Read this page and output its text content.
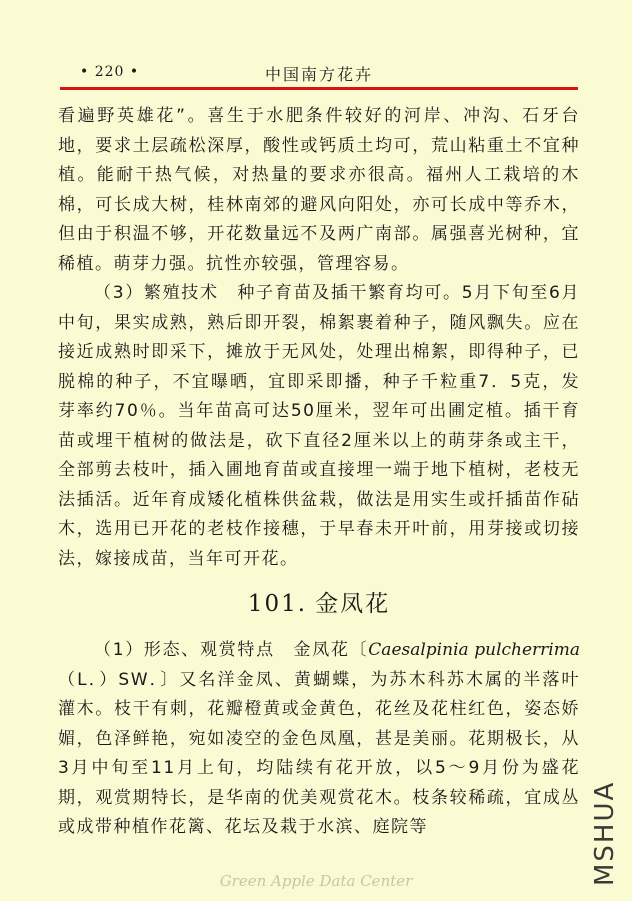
• 220 •	中国南方花卉

看遍野英雄花”。喜生于水肥条件较好的河岸、冲沟、石牙台地，要求土层疏松深厚，酸性或钙质土均可，荒山粘重土不宜种植。能耐干热气候，对热量的要求亦很高。福州人工栽培的木棉，可长成大树，桂林南郊的避风向阳处，亦可长成中等乔木，但由于积温不够，开花数量远不及两广南部。属强喜光树种，宜稀植。萌芽力强。抗性亦较强，管理容易。

（3）繁殖技术　种子育苗及插干繁育均可。5月下旬至6月中旬，果实成熟，熟后即开裂，棉絮裹着种子，随风飘失。应在接近成熟时即采下，摊放于无风处，处理出棉絮，即得种子，已脱棉的种子，不宜曝晒，宜即采即播，种子千粒重7．5克，发芽率约70％。当年苗高可达50厘米，翌年可出圃定植。插干育苗或埋干植树的做法是，砍下直径2厘米以上的萌芽条或主干，全部剪去枝叶，插入圃地育苗或直接埋一端于地下植树，老枝无法插活。近年育成矮化植株供盆栽，做法是用实生或扦插苗作砧木，选用已开花的老枝作接穗，于早春未开叶前，用芽接或切接法，嫁接成苗，当年可开花。

101. 金凤花

（1）形态、观赏特点　金凤花〔Caesalpinia pulcherrima（L．）SW．〕又名洋金凤、黄蝴蝶，为苏木科苏木属的半落叶灌木。枝干有刺，花瓣橙黄或金黄色，花丝及花柱红色，姿态娇媚，色泽鲜艳，宛如凌空的金色凤凰，甚是美丽。花期极长，从3月中旬至11月上旬，均陆续有花开放，以5～9月份为盛花期，观赏期特长，是华南的优美观赏花木。枝条较稀疏，宜成丛或成带种植作花篱、花坛及栽于水滨、庭院等

Green Apple Data Center	MSHUA
